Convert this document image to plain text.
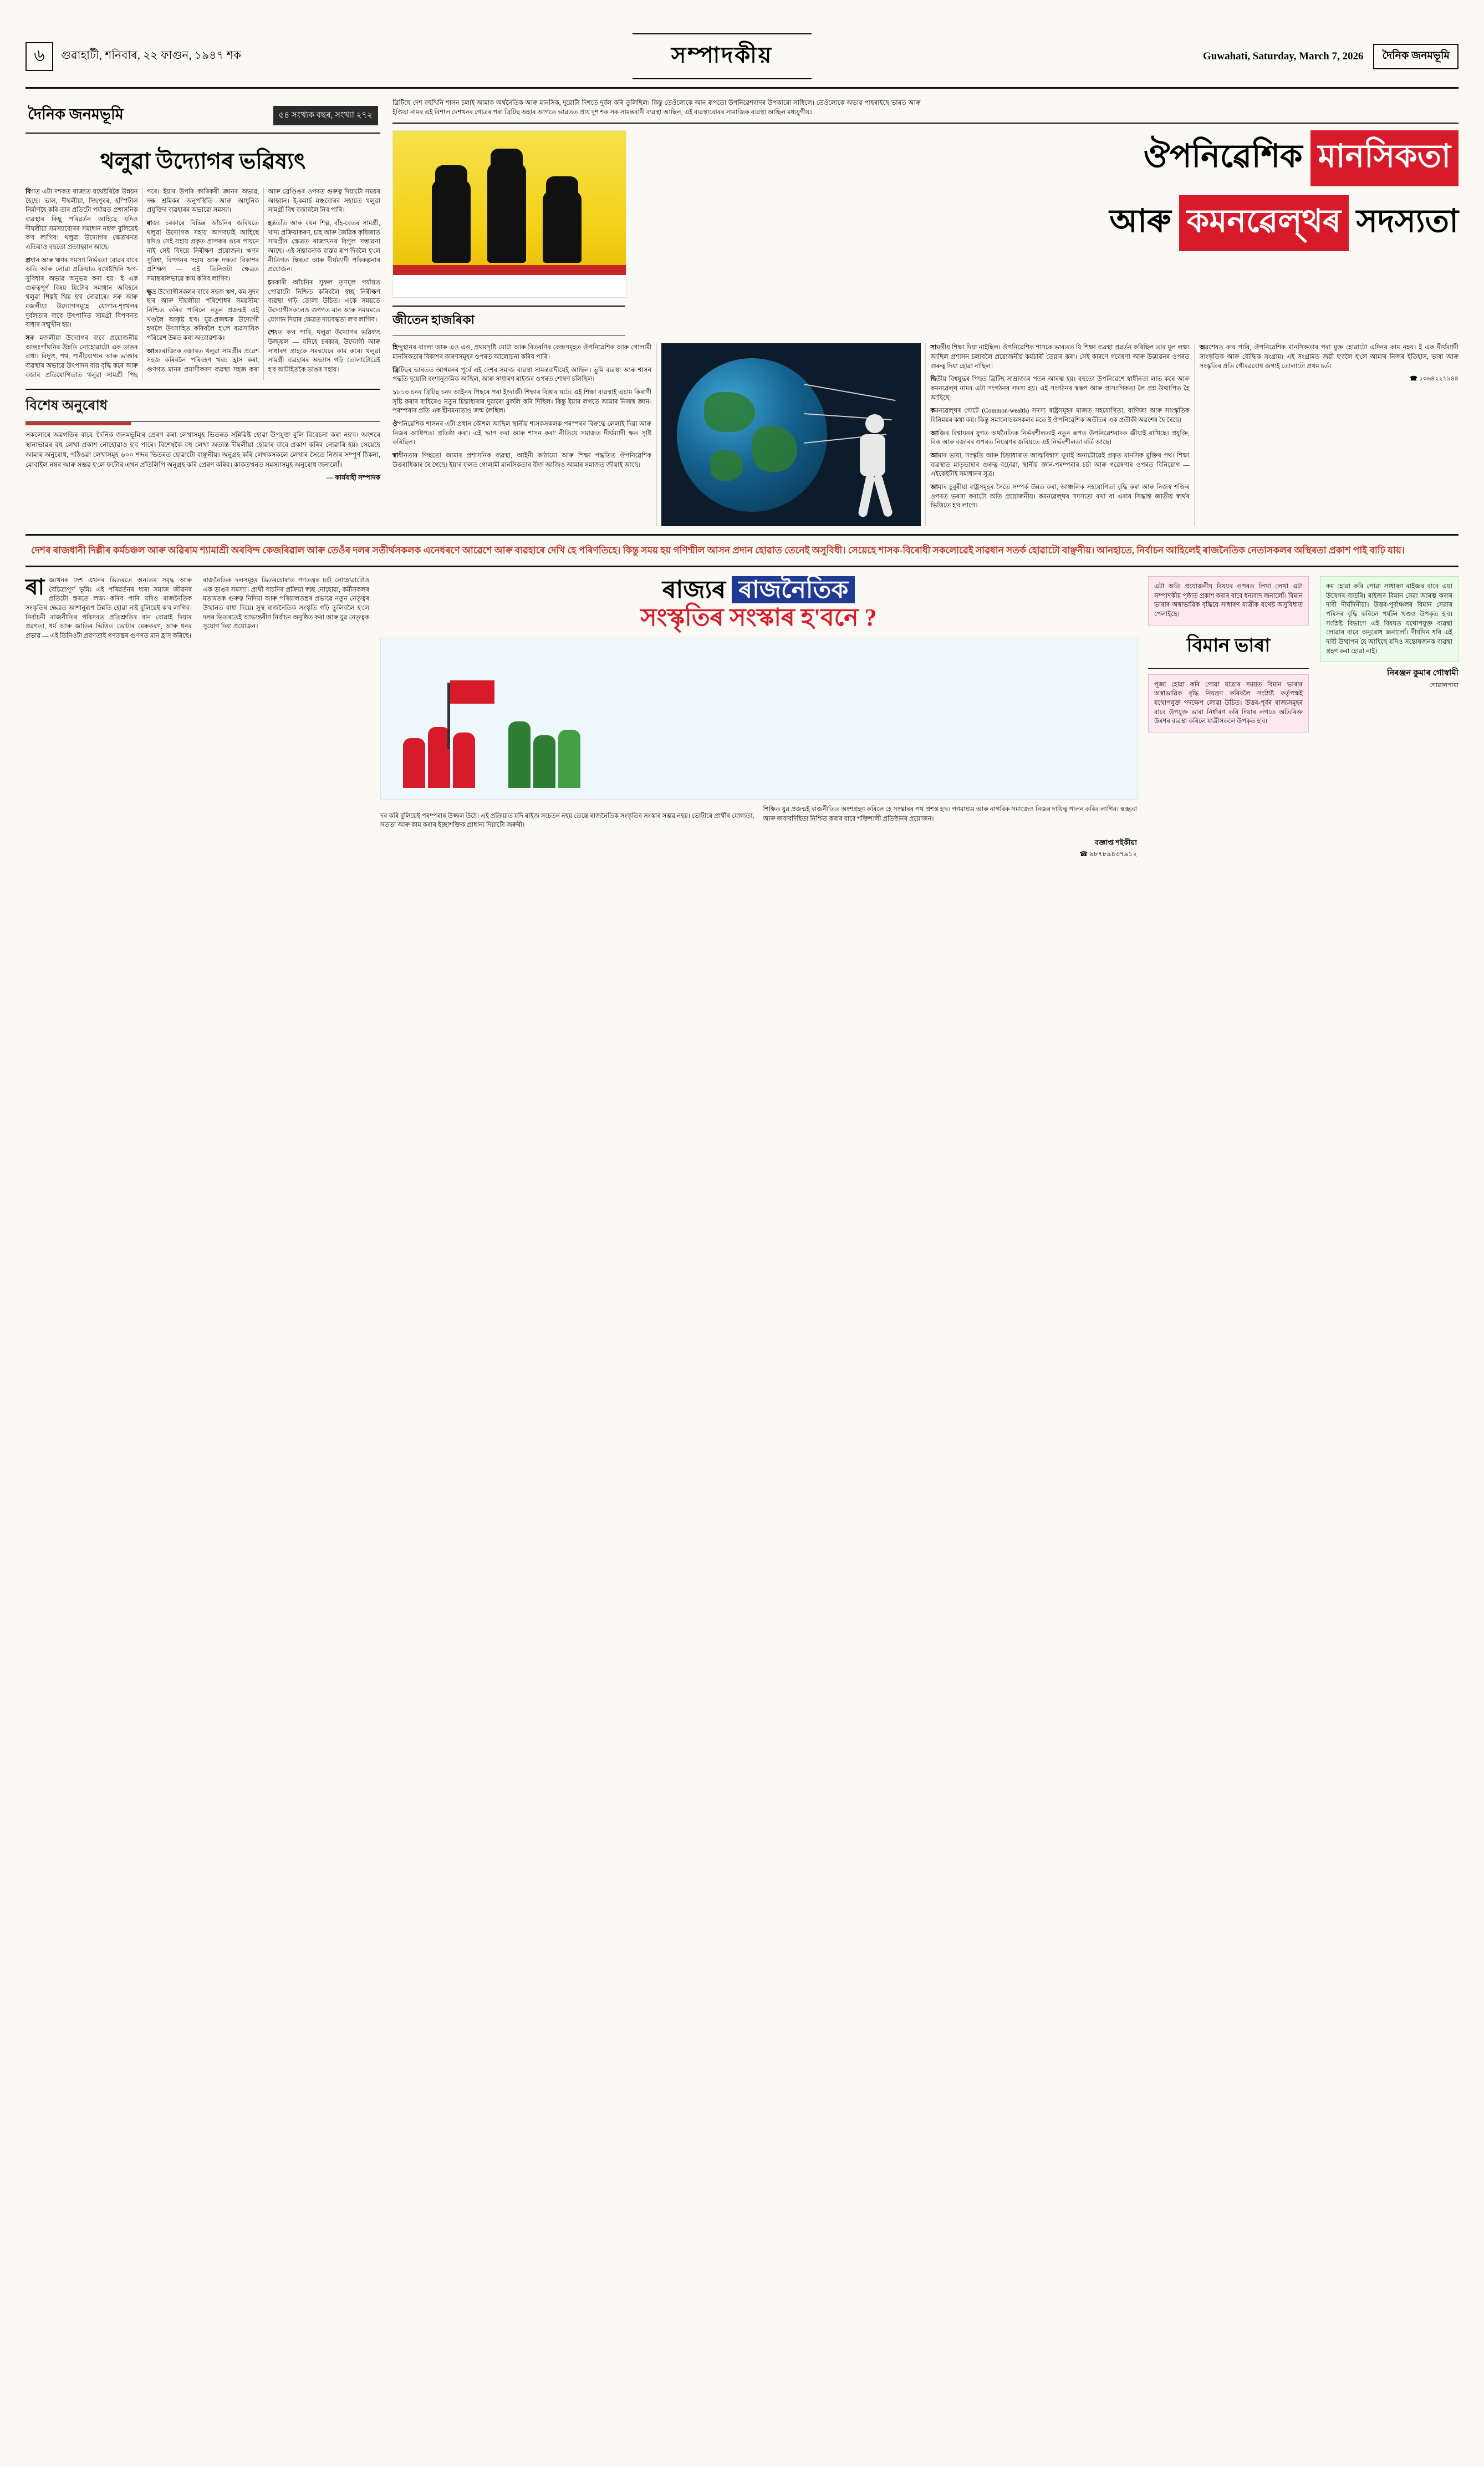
৬	গুৱাহাটী, শনিবাৰ, ২২ ফাগুন, ১৯৪৭ শক	সম্পাদকীয়	Guwahati, Saturday, March 7, 2026	দৈনিক জনমভূমি
দৈনিক জনমভূমি	৫৪ সংখ্যক বছৰ, সংখ্যা ২৭২
থলুৱা উদ্যোগৰ ভৱিষ্যৎ

বিগত এটা দশকত ৰাজ্যত যথেষ্টৰিকৈ উন্নয়ন হৈছে। ভাল, দীঘলীয়া, দিছপুৰৰ, হস্পিটাল নিৰ্মাণহৈ কৰি তাৰ প্ৰতিটো পৰ্যায়ত প্ৰশাসনিক ব্যৱস্থাৰ কিছু পৰিৱৰ্তন আহিছে যদিও দীঘলীয়া সমস্যাবোৰৰ সমাধান নহ'ল বুলিয়েই ক'ব লাগিব। থলুৱা উদ্যোগৰ ক্ষেত্ৰখনত এতিয়াও বহুতো প্ৰত্যাহ্বান আছে।

প্ৰধান আৰু ঋণৰ সমস্যা নিৰ্ভৰতা বোৱৰ বাবে অতি আৰু লোৱা প্ৰক্ৰিয়াত যথেষ্টখিনি ঋণ-সুবিধাৰ অভাৱ অনুভৱ কৰা হয়। ই এক গুৰুত্বপূৰ্ণ বিষয় যিটোৰ সমাধান অবিহনে থলুৱা শিল্পই থিয় হ'ব নোৱাৰে। সৰু আৰু মজলীয়া উদ্যোগসমূহে যোগান-শৃংখলৰ দুৰ্বলতাৰ বাবে উৎপাদিত সামগ্ৰী বিপণনত বাধাৰ সন্মুখীন হয়।

সৰু মজলীয়া উদ্যোগৰ বাবে প্ৰয়োজনীয় আন্তঃগাঁথনিৰ উন্নতি নোহোৱাটো এক ডাঙৰ বাধা। বিদ্যুৎ, পথ, পানীযোগান আৰু ভাণ্ডাৰ ব্যৱস্থাৰ অভাৱে উৎপাদন ব্যয় বৃদ্ধি কৰে আৰু বজাৰ প্ৰতিযোগিতাত থলুৱা সামগ্ৰী পিছ পৰে। ইয়াৰ উপৰি কাৰিকৰী জ্ঞানৰ অভাৱ, দক্ষ শ্ৰমিকৰ অনুপস্থিতি আৰু আধুনিক প্ৰযুক্তিৰ ব্যৱহাৰৰ অভাৱো সমস্যা।

ৰাজ্য চৰকাৰে বিভিন্ন আঁচনিৰ জৰিয়তে থলুৱা উদ্যোগক সহায় আগবঢ়াই আহিছে যদিও সেই সহায় প্ৰকৃত প্ৰাপকৰ ওচৰ পায়নে নাই সেই বিষয়ে নিৰীক্ষণ প্ৰয়োজন। ঋণৰ সুবিধা, বিপণনৰ সহায় আৰু দক্ষতা বিকাশৰ প্ৰশিক্ষণ — এই তিনিওটা ক্ষেত্ৰত সমান্তৰালভাৱে কাম কৰিব লাগিব।

ক্ষুদ্ৰ উদ্যোগীসকলৰ বাবে সহজ ঋণ, কম সুদৰ হাৰ আৰু দীঘলীয়া পৰিশোধৰ সময়সীমা নিশ্চিত কৰিব পাৰিলে নতুন প্ৰজন্মই এই খণ্ডলৈ আকৃষ্ট হ'ব। যুৱ-প্ৰজন্মক উদ্যোগী হ'বলৈ উৎসাহিত কৰিবলৈ হ'লে ব্যৱসায়িক পৰিৱেশ উন্নত কৰা অত্যাৱশ্যক।

আন্তঃৰাজ্যিক বজাৰত থলুৱা সামগ্ৰীৰ প্ৰৱেশ সহজ কৰিবলৈ পৰিবহণ খৰচ হ্ৰাস কৰা, গুণগত মানৰ প্ৰমাণীকৰণ ব্যৱস্থা সহজ কৰা আৰু ব্ৰেণ্ডিঙৰ ওপৰত গুৰুত্ব দিয়াটো সময়ৰ আহ্বান। ই-কমাৰ্চ মঞ্চবোৰৰ সহায়ত থলুৱা সামগ্ৰী বিশ্ব বজাৰলৈ নিব পাৰি।

হস্ততাঁত আৰু বয়ন শিল্প, বাঁহ-বেতৰ সামগ্ৰী, খাদ্য প্ৰক্ৰিয়াকৰণ, চাহ আৰু জৈৱিক কৃষিজাত সামগ্ৰীৰ ক্ষেত্ৰত ৰাজ্যখনৰ বিপুল সম্ভাৱনা আছে। এই সম্ভাৱনাক বাস্তৱ ৰূপ দিবলৈ হ'লে নীতিগত স্থিৰতা আৰু দীৰ্ঘম্যাদী পৰিকল্পনাৰ প্ৰয়োজন।

চৰকাৰী আঁচনিৰ সুফল তৃণমূল পৰ্যায়ত পোৱাটো নিশ্চিত কৰিবলৈ স্বচ্ছ নিৰীক্ষণ ব্যৱস্থা গঢ়ি তোলা উচিত। একে সময়তে উদ্যোগীসকলেও গুণগত মান আৰু সময়মতে যোগান দিয়াৰ ক্ষেত্ৰত দায়বদ্ধতা ল'ব লাগিব।

শেষত ক'ব পাৰি, থলুৱা উদ্যোগৰ ভৱিষ্যৎ উজ্জ্বল — যদিহে চৰকাৰ, উদ্যোগী আৰু সাধাৰণ গ্ৰাহকে সমন্বয়েৰে কাম কৰে। থলুৱা সামগ্ৰী ব্যৱহাৰৰ অভ্যাস গঢ়ি তোলাটোৱেই হ'ব আটাইতকৈ ডাঙৰ সহায়।

বিশেষ অনুৰোধ
সকলোৰে অৱগতিৰ বাবে 'দৈনিক জনমভূমি'ৰ প্ৰেৰণ কৰা লেখাসমূহ ভিতৰত সন্নিৱিষ্ট হোৱা উপযুক্ত বুলি বিবেচনা কৰা নহ'ব। অংশৰে স্থানাভাৱৰ বহু লেখা প্ৰকাশ নোহোৱাও হ'ব পাৰে। বিশেষকৈ বহু লেখা অত্যন্ত দীঘলীয়া হোৱাৰ বাবে প্ৰকাশ কৰিব নোৱাৰি হয়। সেয়েহে আমাৰ অনুৰোধ, পঠিওৱা লেখাসমূহ ৬০০ শব্দৰ ভিতৰত হোৱাটো বাঞ্ছনীয়। অনুগ্ৰহ কৰি লেখকসকলে লেখাৰ সৈতে নিজৰ সম্পূৰ্ণ ঠিকনা, মোবাইল নম্বৰ আৰু সম্ভৱ হ'লে ফটোৰ এখন প্ৰতিলিপি অনুগ্ৰহ কৰি প্ৰেৰণ কৰিব। কাকতখনত সমস্যাসমূহ অনুৰোধ জনালোঁ।
— কাৰ্যবাহী সম্পাদক
ব্ৰিটিছে দেশ বহুখিনি শাসন চলাই আমাক অৰ্থনৈতিক আৰু মানসিক, দুয়োটা দিশতে দুৰ্বল কৰি তুলিছিল। কিন্তু তেওঁলোকে আন ৰূপতো উপনিৱেশবাদৰ উপকাৰো সাধিলে। তেওঁলোকে অভাৱ পাহৰাইছে ভাৰত আৰু ইণ্ডিয়া নামৰ এই বিশাল দেশখনৰ গোত্ৰৰ পৰা ব্ৰিটিছ অহাৰ আগতে ভাৱতত প্ৰায় দুশ শক সক সামন্তবাদী ব্যৱস্থা আছিল, এই ব্যৱস্থাবোৰৰ সামাজিক ব্যৱস্থা আছিল মধ্যযুগীয়।
ঔপনিৱেশিক মানসিকতা
আৰু কমনৱেল্থৰ সদস্যতা
জীতেন হাজৰিকা

হিন্দুস্থানৰ বাংলা আৰু এও এও, প্ৰথমসৃষ্টি মোটা আৰু বিতৰণিৰ কেন্দ্ৰসমূহত ঔপনিৱেশিক আৰু গোলামী মানসিকতাৰ বিকাশৰ কাৰণসমূহৰ ওপৰত আলোচনা কৰিব পাৰি।

ব্ৰিটিছৰ ভাৰতত আগমনৰ পূৰ্বে এই দেশৰ সমাজ ব্যৱস্থা সামন্তবাদীয়েই আছিল। ভূমি ব্যৱস্থা আৰু শাসন পদ্ধতি দুয়োটা বংশানুক্ৰমিক আছিল, আৰু সাধাৰণ ৰাইজৰ ওপৰত শোষণ চলিছিল।

১৮১৩ চনৰ ব্ৰিটিছ চনদ আইনৰ পিছৰে পৰা ইংৰাজী শিক্ষাৰ বিস্তাৰ ঘটে। এই শিক্ষা ব্যৱস্থাই এচাম কিৰাণী সৃষ্টি কৰাৰ বাহিৰেও নতুন চিন্তাধাৰাৰ দুৱাৰো মুকলি কৰি দিছিল। কিন্তু ইয়াৰ লগতে আমাৰ নিজস্ব জ্ঞান-পৰম্পৰাৰ প্ৰতি এক হীনমন্যতাও জন্ম লৈছিল।

ঔপনিৱেশিক শাসনৰ এটা প্ৰধান কৌশল আছিল স্থানীয় শাসকসকলক পৰস্পৰৰ বিৰুদ্ধে লেলাই দিয়া আৰু নিজৰ আধিপত্য প্ৰতিষ্ঠা কৰা। এই 'ভাগ কৰা আৰু শাসন কৰা' নীতিয়ে সমাজত দীৰ্ঘম্যাদী ক্ষত সৃষ্টি কৰিছিল।

স্বাধীনতাৰ পিছতো আমাৰ প্ৰশাসনিক ব্যৱস্থা, আইনী কাঠামো আৰু শিক্ষা পদ্ধতিত ঔপনিৱেশিক উত্তৰাধিকাৰ ৰৈ গৈছে। ইয়াৰ ফলত গোলামী মানসিকতাৰ বীজ আজিও আমাৰ সমাজত জীয়াই আছে।

সামন্তীয় শিক্ষা দিয়া নাইছিল। ঔপনিৱেশিক শাসকে ভাৰতত যি শিক্ষা ব্যৱস্থা প্ৰৱৰ্তন কৰিছিল তাৰ মূল লক্ষ্য আছিল প্ৰশাসন চলাবলৈ প্ৰয়োজনীয় কৰ্মচাৰী তৈয়াৰ কৰা। সেই কাৰণে গৱেষণা আৰু উদ্ভাৱনৰ ওপৰত গুৰুত্ব দিয়া হোৱা নাছিল।

দ্বিতীয় বিশ্বযুদ্ধৰ পিছত ব্ৰিটিছ সাম্ৰাজ্যৰ পতন আৰম্ভ হয়। বহুতো উপনিৱেশে স্বাধীনতা লাভ কৰে আৰু কমনৱেল্থ নামৰ এটা সংগঠনৰ সদস্য হয়। এই সংগঠনৰ স্বৰূপ আৰু প্ৰাসংগিকতা লৈ প্ৰশ্ন উত্থাপিত হৈ আহিছে।

কমনৱেল্থৰ গোটে (Common-wealth) সদস্য ৰাষ্ট্ৰসমূহৰ মাজত সহযোগিতা, বাণিজ্য আৰু সাংস্কৃতিক বিনিময়ৰ কথা কয়। কিন্তু সমালোচকসকলৰ মতে ই ঔপনিৱেশিক অতীতৰ এক প্ৰতীকী অৱশেষ হৈ ৰৈছে।

আজিৰ বিশ্বায়নৰ যুগত অৰ্থনৈতিক নিৰ্ভৰশীলতাই নতুন ৰূপত উপনিৱেশবাদক জীয়াই ৰাখিছে। প্ৰযুক্তি, বিত্ত আৰু বজাৰৰ ওপৰত নিয়ন্ত্ৰণৰ জৰিয়তে এই নিৰ্ভৰশীলতা বৰ্তি আছে।

আমাৰ ভাষা, সংস্কৃতি আৰু চিন্তাধাৰাত আত্মবিশ্বাস ঘূৰাই অনাটোৱেই প্ৰকৃত মানসিক মুক্তিৰ পথ। শিক্ষা ব্যৱস্থাত মাতৃভাষাৰ গুৰুত্ব বঢ়োৱা, স্থানীয় জ্ঞান-পৰম্পৰাৰ চৰ্চা আৰু গৱেষণাৰ ওপৰত বিনিয়োগ — এইকেইটাই সমাধানৰ সূত্ৰ।

আমাৰ চুবুৰীয়া ৰাষ্ট্ৰসমূহৰ সৈতে সম্পৰ্ক উন্নত কৰা, আঞ্চলিক সহযোগিতা বৃদ্ধি কৰা আৰু নিজস্ব শক্তিৰ ওপৰত ভৰসা কৰাটো অতি প্ৰয়োজনীয়। কমনৱেল্থৰ সদস্যতা ৰখা বা এৰাৰ সিদ্ধান্ত জাতীয় স্বাৰ্থৰ ভিত্তিতে হ'ব লাগে।

অৱশেষত ক'ব পাৰি, ঔপনিৱেশিক মানসিকতাৰ পৰা মুক্ত হোৱাটো এদিনৰ কাম নহয়। ই এক দীৰ্ঘম্যাদী সাংস্কৃতিক আৰু বৌদ্ধিক সংগ্ৰাম। এই সংগ্ৰামত জয়ী হ'বলৈ হ'লে আমাৰ নিজৰ ইতিহাস, ভাষা আৰু সংস্কৃতিৰ প্ৰতি গৌৰৱবোধ জগাই তোলাটো প্ৰথম চৰ্ত।

☎ ১৩৬৪২২৭৯৪৪

দেশৰ ৰাজধানী দিল্লীৰ কৰ্মচঞ্চল আৰু অৱিৰাম শ্যামাশ্ৰী অৰবিন্দ কেজৰিৱাল আৰু তেওঁৰ দলৰ সতীৰ্থসকলক এনেধৰণে আৱেশে আৰু ব্যৱহাৰে দেখি হে পৰিণতিহে। কিন্তু সময় হয় গণিশ্মীল আসন প্ৰদান হোৱাত তেনেই অসুবিধী। সেয়েহে শাসক-বিৰোধী সকলোৱেই সাৱধান সতৰ্ক হোৱাটো বাঞ্ছনীয়। আনহাতে, নিৰ্বাচন আহিলেই ৰাজনৈতিক নেতাসকলৰ অস্থিৰতা প্ৰকাশ পাই বাঢ়ি যায়।
ৰা জ্যখনৰ দেশ এখনৰ ভিতৰতে অন্যতম সমৃদ্ধ আৰু বৈচিত্ৰ্যপূৰ্ণ ভূমি। এই পৰিৱৰ্তনৰ ধাৰা সমাজ জীৱনৰ প্ৰতিটো স্তৰতে লক্ষ্য কৰিব পাৰি যদিও ৰাজনৈতিক সংস্কৃতিৰ ক্ষেত্ৰত আশানুৰূপ উন্নতি হোৱা নাই বুলিয়েই ক'ব লাগিব। নিৰ্বাচনী ৰাজনীতিৰ পৰিসৰত প্ৰতিশ্ৰুতিৰ বান বোৱাই দিয়াৰ প্ৰৱণতা, ধৰ্ম আৰু জাতিৰ ভিত্তিত ভোটাৰ মেৰুকৰণ, আৰু ধনৰ প্ৰভাৱ — এই তিনিওটা প্ৰৱণতাই গণতন্ত্ৰৰ গুণগত মান হ্ৰাস কৰিছে।
ৰাজনৈতিক দলসমূহৰ ভিতৰচোৰাত গণতন্ত্ৰৰ চৰ্চা নোহোৱাটোও এক ডাঙৰ সমস্যা। প্ৰাৰ্থী বাচনিৰ প্ৰক্ৰিয়া স্বচ্ছ নোহোৱা, কৰ্মীসকলৰ মতামতক গুৰুত্ব নিদিয়া আৰু পৰিয়ালতন্ত্ৰৰ প্ৰভাৱে নতুন নেতৃত্বৰ উত্থানত বাধা দিয়ে। সুস্থ ৰাজনৈতিক সংস্কৃতি গঢ়ি তুলিবলৈ হ'লে দলৰ ভিতৰতেই আভ্যন্তৰীণ নিৰ্বাচন অনুষ্ঠিত কৰা আৰু যুৱ নেতৃত্বক সুযোগ দিয়া প্ৰয়োজন।
ৰাজ্যৰ ৰাজনৈতিক
সংস্কৃতিৰ সংস্কাৰ হ'বনে ?

দৰ কৰি বুলিয়েই পৰম্পৰাৰ উজ্জল উঠে। এই প্ৰক্ৰিয়াত যদি ৰাইজ সচেতন নহয় তেন্তে ৰাজনৈতিক সংস্কৃতিৰ সংস্কাৰ সম্ভৱ নহয়। ভোটাৰে প্ৰাৰ্থীৰ যোগ্যতা, সততা আৰু কাম কৰাৰ ইচ্ছাশক্তিক প্ৰাধান্য দিয়াটো জৰুৰী।

শিক্ষিত যুৱ প্ৰজন্মই ৰাজনীতিত অংশগ্ৰহণ কৰিলে হে সংস্কাৰৰ পথ প্ৰশস্ত হ'ব। গণমাধ্যম আৰু নাগৰিক সমাজেও নিজৰ দায়িত্ব পালন কৰিব লাগিব। স্বচ্ছতা আৰু জবাবদিহিতা নিশ্চিত কৰাৰ বাবে শক্তিশালী প্ৰতিষ্ঠানৰ প্ৰয়োজন।

বজ্ঞাপ্ত শইকীয়া
☎ ৯৮৭৮৯৪৩৭৯১২
এটা অতি প্ৰয়োজনীয় বিষয়ৰ ওপৰত লিখা লেখা এটা সম্পাদকীয় পৃষ্ঠাত প্ৰকাশ কৰাৰ বাবে ধন্যবাদ জনালোঁ। বিমান ভাৰাৰ অস্বাভাৱিক বৃদ্ধিয়ে সাধাৰণ যাত্ৰীক যথেষ্ট অসুবিধাত পেলাইছে।
বিমান ভাৰা
পূজা হোৱা কৰি পোৱা যাত্ৰাৰ সময়ত বিমান ভাৰাৰ অস্বাভাৱিক বৃদ্ধি নিয়ন্ত্ৰণ কৰিবলৈ সংশ্লিষ্ট কৰ্তৃপক্ষই যথোপযুক্ত পদক্ষেপ লোৱা উচিত। উত্তৰ-পূৰ্বৰ ৰাজ্যসমূহৰ বাবে উপযুক্ত ভাৰা নিৰ্ধাৰণ কৰি দিয়াৰ লগতে অতিৰিক্ত উৰণৰ ব্যৱস্থা কৰিলে যাত্ৰীসকলে উপকৃত হ'ব।
কম হোৱা কৰি পোৱা সাধাৰণ ৰাইজৰ বাবে এয়া উদ্বেগৰ বাতৰি। ৰাইজৰ বিমান সেৱা আৰম্ভ কৰাৰ দাবী দীৰ্ঘদিনীয়া। উত্তৰ-পূৰ্বাঞ্চলৰ বিমান সেৱাৰ পৰিসৰ বৃদ্ধি কৰিলে পৰ্যটন খণ্ডও উপকৃত হ'ব। সংশ্লিষ্ট বিভাগে এই বিষয়ত যথোপযুক্ত ব্যৱস্থা লোৱাৰ বাবে অনুৰোধ জনালোঁ। দীৰ্ঘদিন ধৰি এই দাবী উত্থাপন হৈ আহিছে যদিও সন্তোষজনক ব্যৱস্থা গ্ৰহণ কৰা হোৱা নাই।
নিৰঞ্জন কুমাৰ গোস্বামী
গোৱালপাৰা
